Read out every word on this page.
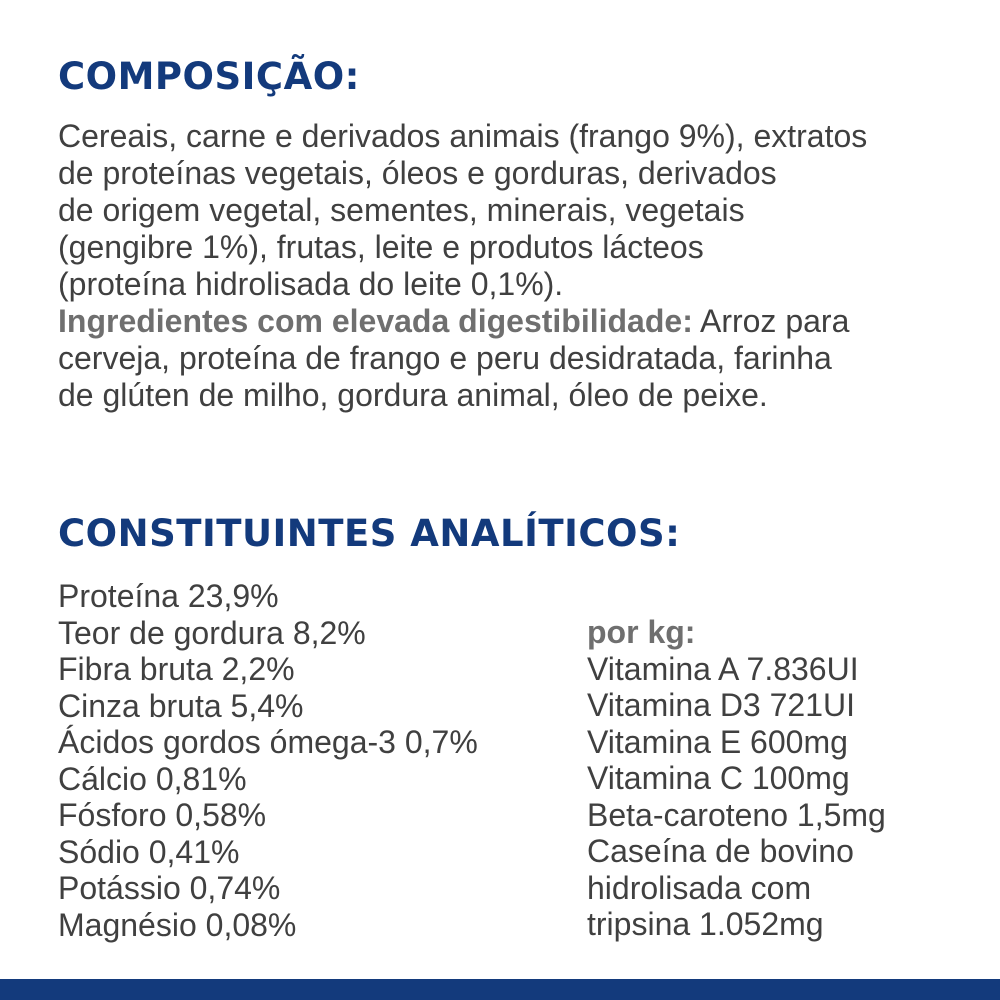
COMPOSIÇÃO:
Cereais, carne e derivados animais (frango 9%), extratos
de proteínas vegetais, óleos e gorduras, derivados
de origem vegetal, sementes, minerais, vegetais
(gengibre 1%), frutas, leite e produtos lácteos
(proteína hidrolisada do leite 0,1%).
Ingredientes com elevada digestibilidade: Arroz para
cerveja, proteína de frango e peru desidratada, farinha
de glúten de milho, gordura animal, óleo de peixe.
CONSTITUINTES ANALÍTICOS:
Proteína 23,9%
Teor de gordura 8,2%
Fibra bruta 2,2%
Cinza bruta 5,4%
Ácidos gordos ómega-3 0,7%
Cálcio 0,81%
Fósforo 0,58%
Sódio 0,41%
Potássio 0,74%
Magnésio 0,08%
por kg:
Vitamina A 7.836UI
Vitamina D3 721UI
Vitamina E 600mg
Vitamina C 100mg
Beta-caroteno 1,5mg
Caseína de bovino
hidrolisada com
tripsina 1.052mg
